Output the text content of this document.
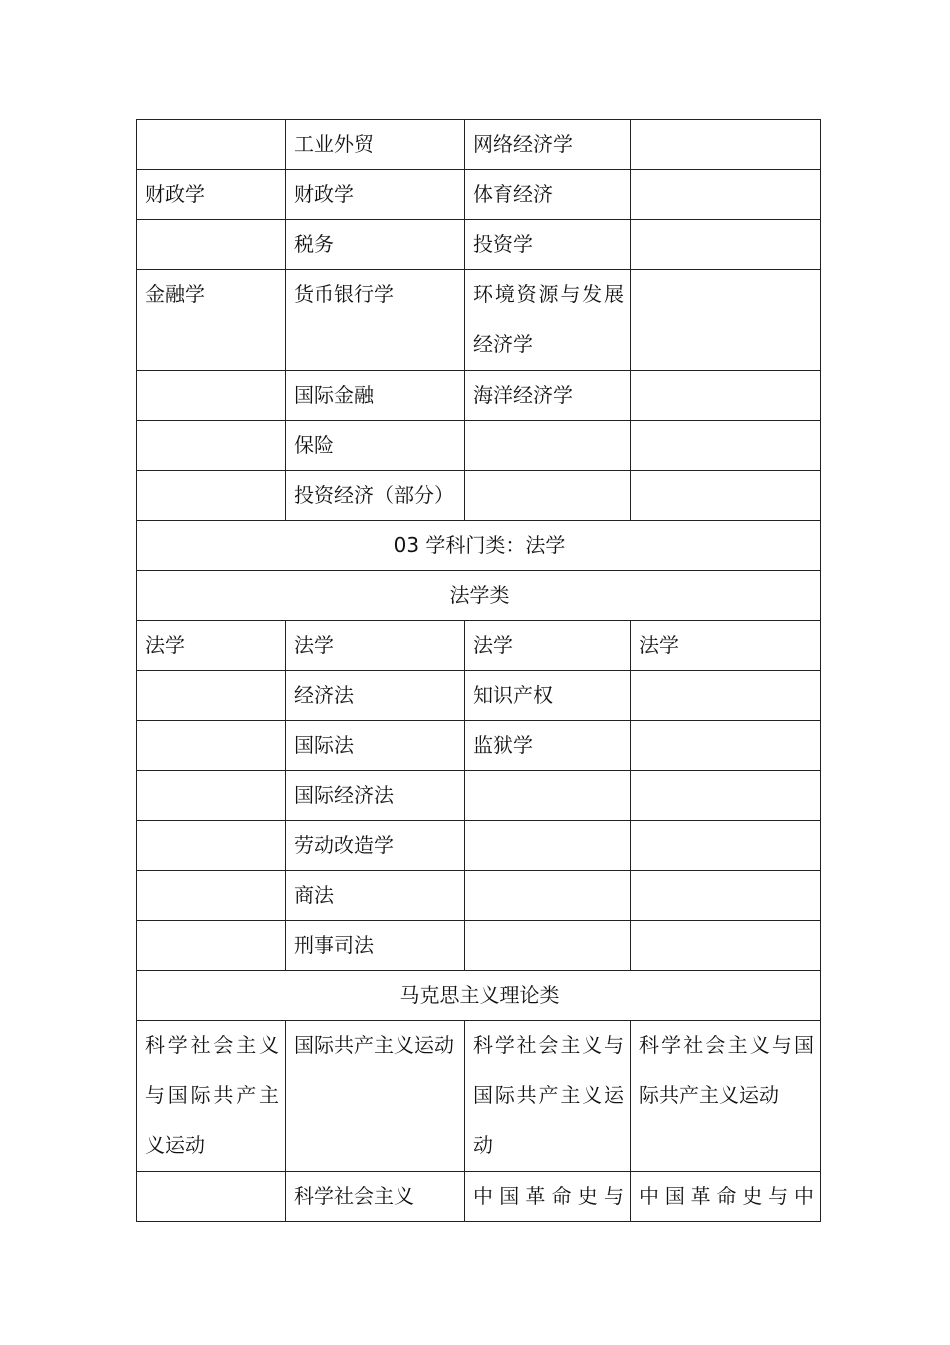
	工业外贸	网络经济学	

财政学	财政学	体育经济	

	税务	投资学	

金融学	货币银行学	环境资源与发展经济学	

	国际金融	海洋经济学	

	保险		

	投资经济（部分）		

03 学科门类：法学			

法学类			

法学	法学	法学	法学

	经济法	知识产权	

	国际法	监狱学	

	国际经济法		

	劳动改造学		

	商法		

	刑事司法		

马克思主义理论类			

科学社会主义与国际共产主义运动	国际共产主义运动	科学社会主义与国际共产主义运动	科学社会主义与国际共产主义运动

	科学社会主义	中国革命史与	中国革命史与中
